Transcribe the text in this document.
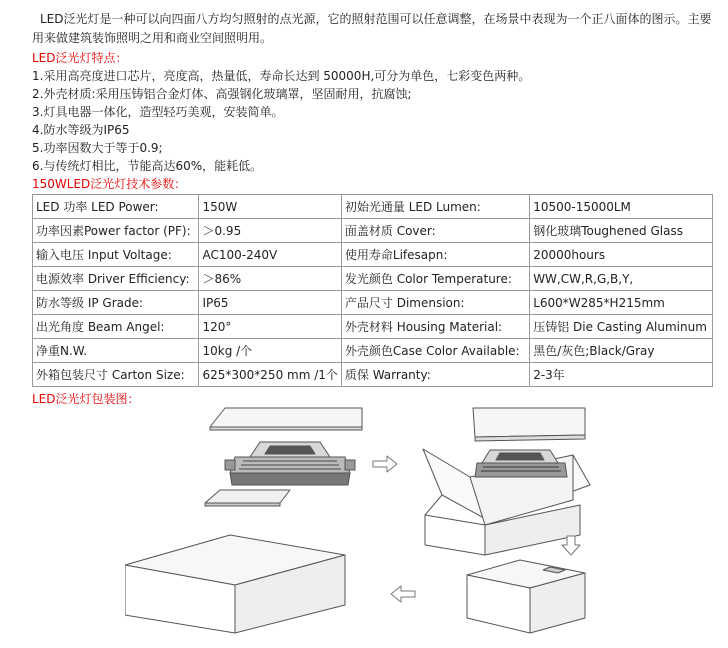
LED泛光灯是一种可以向四面八方均匀照射的点光源，它的照射范围可以任意调整，在场景中表现为一个正八面体的图示。主要用来做建筑装饰照明之用和商业空间照明用。
LED泛光灯特点：
1.采用高亮度进口芯片，亮度高，热量低，寿命长达到 50000H,可分为单色，七彩变色两种。
2.外壳材质:采用压铸铝合金灯体、高强钢化玻璃罩，坚固耐用，抗腐蚀;
3.灯具电器一体化，造型轻巧美观，安装简单。
4.防水等级为IP65
5.功率因数大于等于0.9;
6.与传统灯相比，节能高达60%，能耗低。
150WLED泛光灯技术参数：
LED 功率 LED Power:	150W	初始光通量 LED Lumen:	10500-15000LM
功率因素Power factor (PF):	＞0.95	面盖材质 Cover:	钢化玻璃Toughened Glass
输入电压 Input Voltage:	AC100-240V	使用寿命Lifesapn:	20000hours
电源效率 Driver Efficiency:	＞86%	发光颜色 Color Temperature:	WW,CW,R,G,B,Y,
防水等级 IP Grade:	IP65	产品尺寸 Dimension:	L600*W285*H215mm
出光角度 Beam Angel:	120°	外壳材料 Housing Material:	压铸铝 Die Casting Aluminum
净重N.W.	10kg /个	外壳颜色Case Color Available:	黑色/灰色;Black/Gray
外箱包装尺寸 Carton Size:	625*300*250 mm /1个	质保 Warranty:	2-3年
LED泛光灯包装图：
